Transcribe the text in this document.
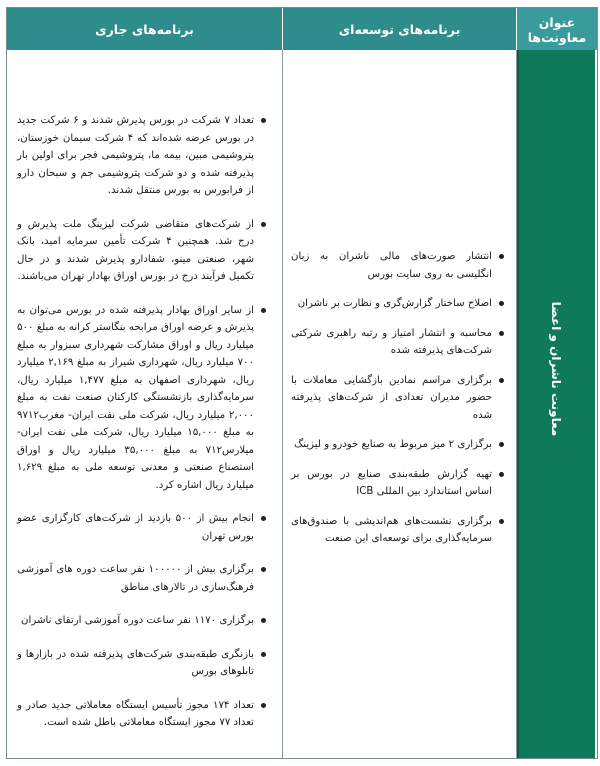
برنامه‌های جاری	برنامه‌های توسعه‌ای	عنوان
معاونت‌ها
تعداد ۷ شرکت در بورس پذیرش شدند و ۶ شرکت جدید در بورس عرضه شده‌اند که ۴ شرکت سیمان خوزستان، پتروشیمی مبین، بیمه ما، پتروشیمی فجر برای اولین بار پذیرفته شده و دو شرکت پتروشیمی جم و سبحان دارو از فرابورس به بورس منتقل شدند.
از شرکت‌های متقاضی شرکت لیزینگ ملت پذیرش و درج شد. همچنین ۴ شرکت تأمین سرمایه امید، بانک شهر، صنعتی مینو، شفادارو پذیرش شدند و در حال تکمیل فرآیند درج در بورس اوراق بهادار تهران می‌باشند.
از سایر اوراق بهادار پذیرفته شده در بورس می‌توان به پذیرش و عرضه اوراق مرابحه بنگاستر کرانه به مبلغ ۵۰۰ میلیارد ریال و اوراق مشارکت شهرداری سبزوار به مبلغ ۷۰۰ میلیارد ریال، شهرداری شیراز به مبلغ ۲,۱۶۹ میلیارد ریال، شهرداری اصفهان به مبلغ ۱,۴۷۷ میلیارد ریال، سرمایه‌گذاری بازنشستگی کارکنان صنعت نفت به مبلغ ۲,۰۰۰ میلیارد ریال، شرکت ملی نفت ایران- مغرب۹۷۱۲ به مبلغ ۱۵,۰۰۰ میلیارد ریال، شرکت ملی نفت ایران- میلارس۷۱۲ به مبلغ ۳۵,۰۰۰ میلیارد ریال و اوراق استصناع صنعتی و معدنی توسعه ملی به مبلغ ۱,۶۲۹ میلیارد ریال اشاره کرد.
انجام بیش از ۵۰۰ بازدید از شرکت‌های کارگزاری عضو بورس تهران
برگزاری بیش از ۱۰۰۰۰۰ نفر ساعت دوره های آموزشی فرهنگ‌سازی در تالارهای مناطق
برگزاری ۱۱۷۰ نفر ساعت دوره آموزشی ارتقای ناشران
بازنگری طبقه‌بندی شرکت‌های پذیرفته شده در بازارها و تابلوهای بورس
تعداد ۱۷۴ مجوز تأسیس ایستگاه معاملاتی جدید صادر و تعداد ۷۷ مجوز ایستگاه معاملاتی باطل شده است.
انتشار صورت‌های مالی ناشران به زبان انگلیسی به روی سایت بورس
اصلاح ساختار گزارش‌گری و نظارت بر ناشران
محاسبه و انتشار امتیاز و رتبه راهبری شرکتی شرکت‌های پذیرفته شده
برگزاری مراسم نمادین بازگشایی معاملات با حضور مدیران تعدادی از شرکت‌های پذیرفته شده
برگزاری ۲ میز مربوط به صنایع خودرو و لیزینگ
تهیه گزارش طبقه‌بندی صنایع در بورس بر اساس استاندارد بین المللی ICB
برگزاری نشست‌های هم‌اندیشی با صندوق‌های سرمایه‌گذاری برای توسعه‌ای این صنعت
معاونت ناشران و اعضا
